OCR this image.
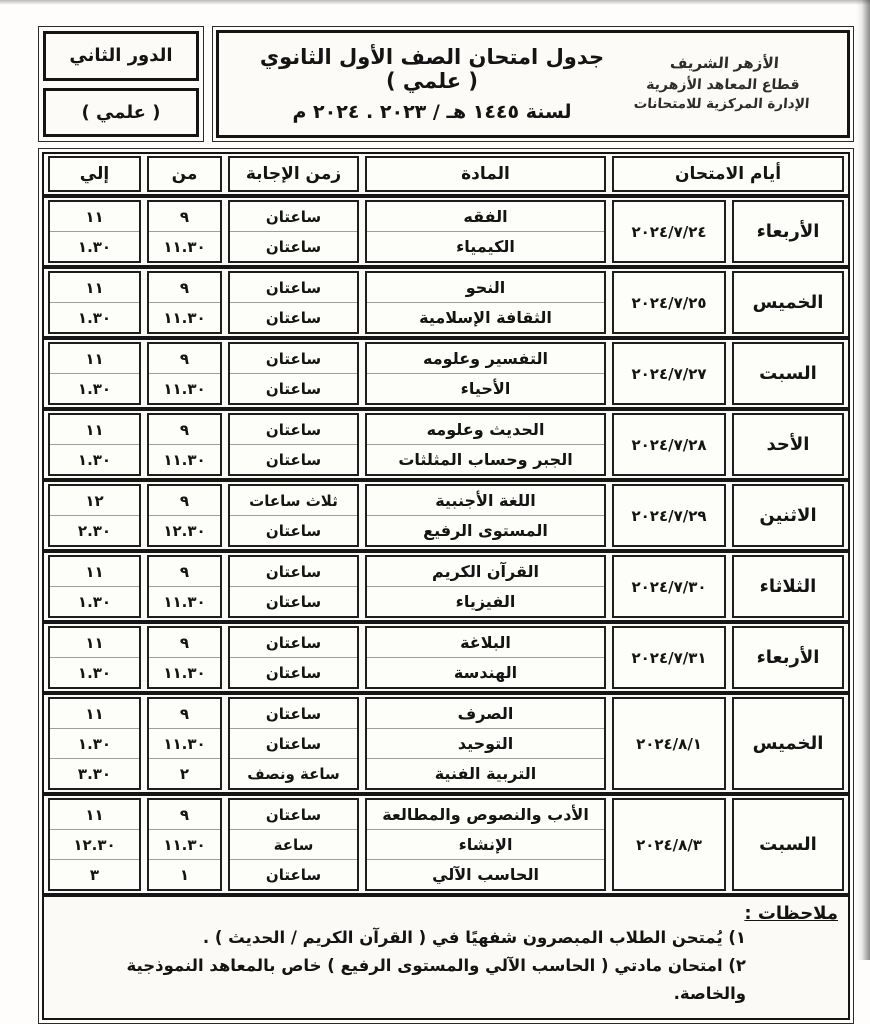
الأزهر الشريف
قطاع المعاهد الأزهرية
الإدارة المركزية للامتحانات
جدول امتحان الصف الأول الثانوي ( علمي )
لسنة ١٤٤٥ هـ / ٢٠٢٣ . ٢٠٢٤ م
الدور الثاني
( علمي )
أيام الامتحان
المادة
زمن الإجابة
من
إلي
الأربعاء
٢٠٢٤/٧/٢٤
الفقه
الكيمياء
ساعتان
ساعتان
٩
١١.٣٠
١١
١.٣٠
الخميس
٢٠٢٤/٧/٢٥
النحو
الثقافة الإسلامية
ساعتان
ساعتان
٩
١١.٣٠
١١
١.٣٠
السبت
٢٠٢٤/٧/٢٧
التفسير وعلومه
الأحياء
ساعتان
ساعتان
٩
١١.٣٠
١١
١.٣٠
الأحد
٢٠٢٤/٧/٢٨
الحديث وعلومه
الجبر وحساب المثلثات
ساعتان
ساعتان
٩
١١.٣٠
١١
١.٣٠
الاثنين
٢٠٢٤/٧/٢٩
اللغة الأجنبية
المستوى الرفيع
ثلاث ساعات
ساعتان
٩
١٢.٣٠
١٢
٢.٣٠
الثلاثاء
٢٠٢٤/٧/٣٠
القرآن الكريم
الفيزياء
ساعتان
ساعتان
٩
١١.٣٠
١١
١.٣٠
الأربعاء
٢٠٢٤/٧/٣١
البلاغة
الهندسة
ساعتان
ساعتان
٩
١١.٣٠
١١
١.٣٠
الخميس
٢٠٢٤/٨/١
الصرف
التوحيد
التربية الفنية
ساعتان
ساعتان
ساعة ونصف
٩
١١.٣٠
٢
١١
١.٣٠
٣.٣٠
السبت
٢٠٢٤/٨/٣
الأدب والنصوص والمطالعة
الإنشاء
الحاسب الآلي
ساعتان
ساعة
ساعتان
٩
١١.٣٠
١
١١
١٢.٣٠
٣
ملاحظات :
١) يُمتحن الطلاب المبصرون شفهيًا في ( القرآن الكريم / الحديث ) .
٢) امتحان مادتي ( الحاسب الآلي والمستوى الرفيع ) خاص بالمعاهد النموذجية والخاصة.
